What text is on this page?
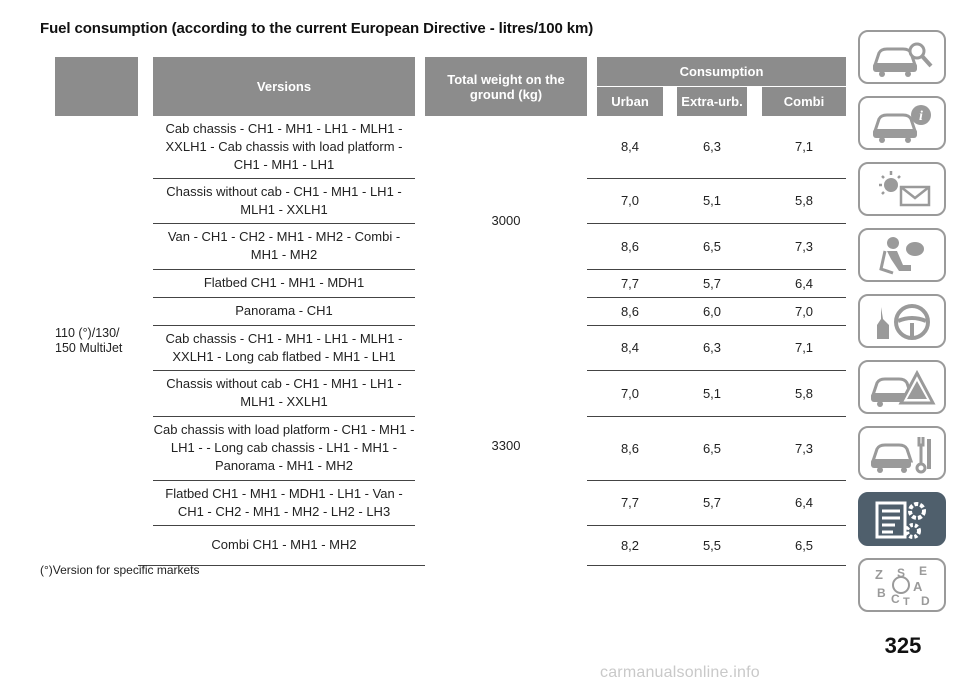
Fuel consumption (according to the current European Directive - litres/100 km)
		Versions		Total weight on the ground (kg)		Consumption				
						Urban		Extra-urb.		Combi
110 (°)/130/ 150 MultiJet		Cab chassis - CH1 - MH1 - LH1 - MLH1 - XXLH1 - Cab chassis with load platform - CH1 - MH1 - LH1		3000		8,4		6,3		7,1
		Chassis without cab - CH1 - MH1 - LH1 - MLH1 - XXLH1				7,0		5,1		5,8
		Van - CH1 - CH2 - MH1 - MH2 - Combi - MH1 - MH2				8,6		6,5		7,3
		Flatbed CH1 - MH1 - MDH1				7,7		5,7		6,4
		Panorama - CH1				8,6		6,0		7,0
		Cab chassis - CH1 - MH1 - LH1 - MLH1 - XXLH1 - Long cab flatbed - MH1 - LH1		3300		8,4		6,3		7,1
		Chassis without cab - CH1 - MH1 - LH1 - MLH1 - XXLH1				7,0		5,1		5,8
		Cab chassis with load platform - CH1 - MH1 - LH1 - - Long cab chassis - LH1 - MH1 - Panorama - MH1 - MH2				8,6		6,5		7,3
		Flatbed CH1 - MH1 - MDH1 - LH1 - Van - CH1 - CH2 - MH1 - MH2 - LH2 - LH3				7,7		5,7		6,4
		Combi CH1 - MH1 - MH2				8,2		5,5		6,5
(°)Version for specific markets
i
Z S E
B A
C T D
325
carmanualsonline.info
